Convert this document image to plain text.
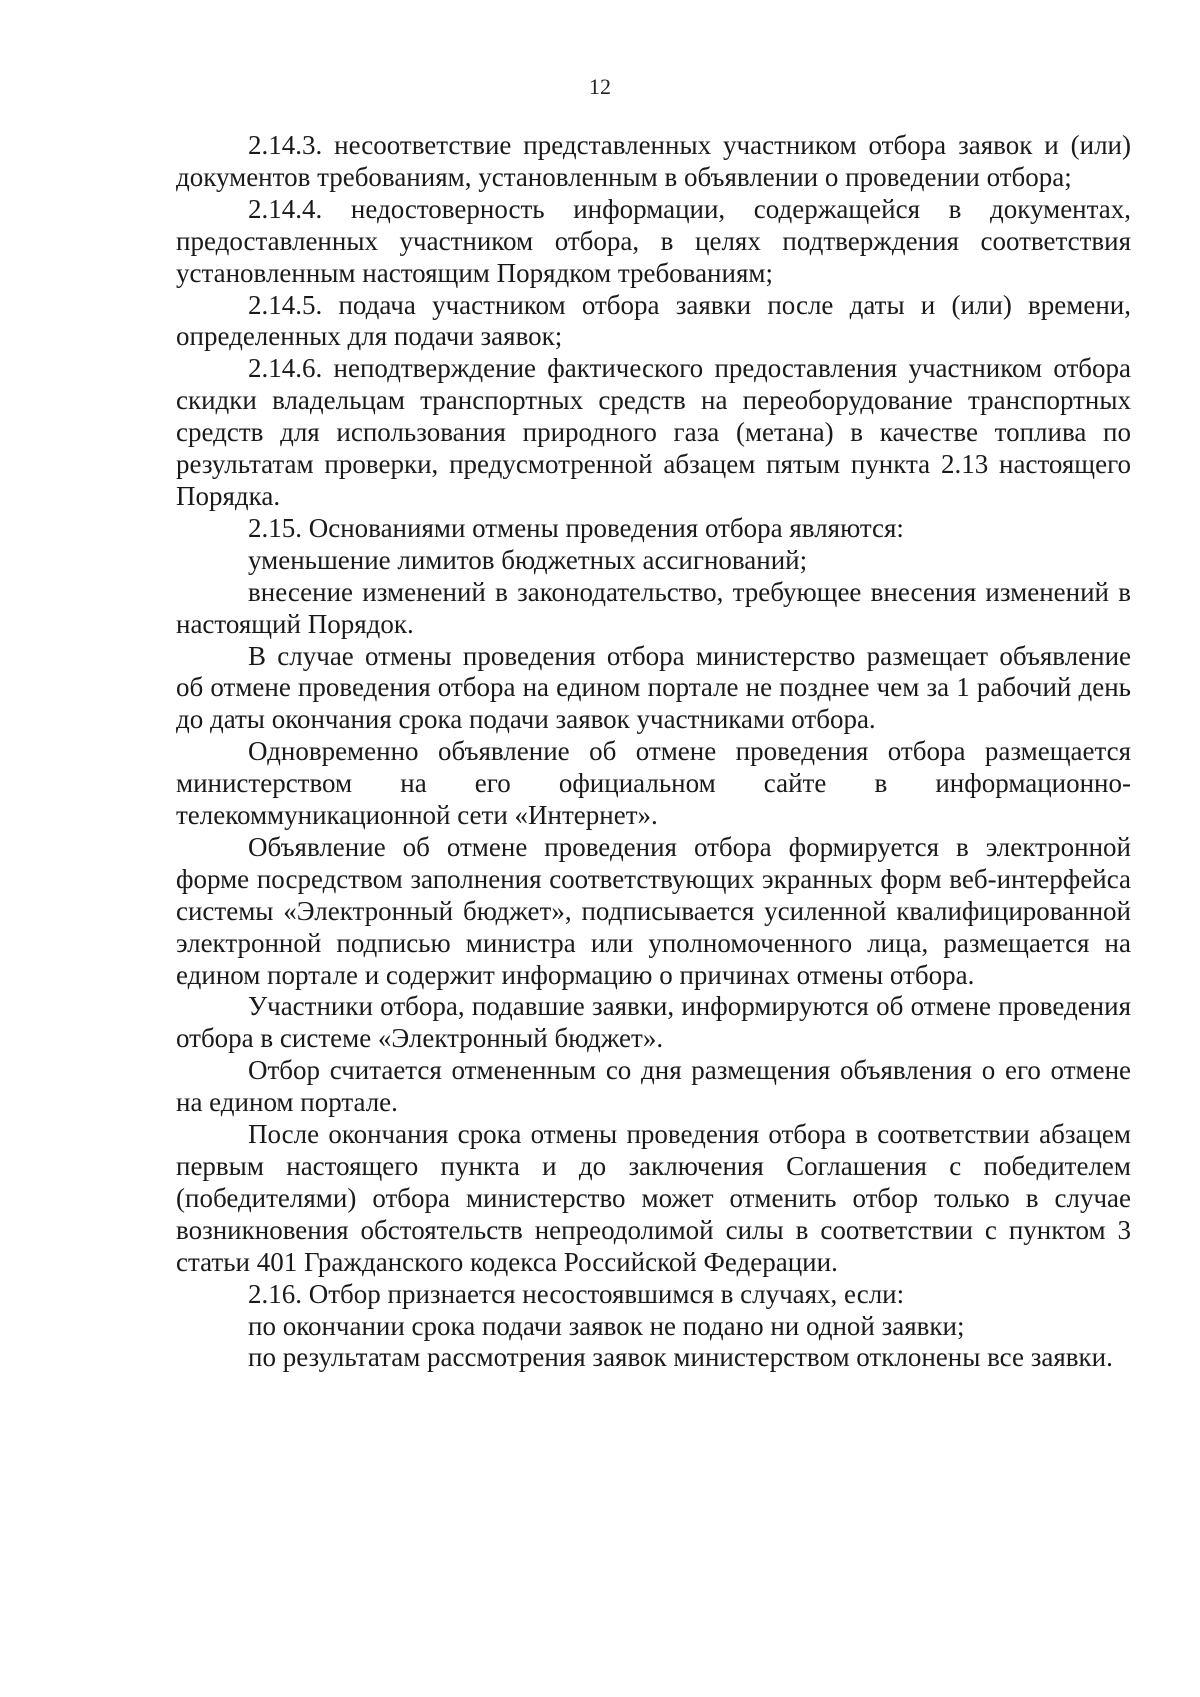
12

2.14.3. несоответствие представленных участником отбора заявок и (или) документов требованиям, установленным в объявлении о проведении отбора;

2.14.4. недостоверность информации, содержащейся в документах, предоставленных участником отбора, в целях подтверждения соответствия установленным настоящим Порядком требованиям;

2.14.5. подача участником отбора заявки после даты и (или) времени, определенных для подачи заявок;

2.14.6. неподтверждение фактического предоставления участником отбора скидки владельцам транспортных средств на переоборудование транспортных средств для использования природного газа (метана) в качестве топлива по результатам проверки, предусмотренной абзацем пятым пункта 2.13 настоящего Порядка.

2.15. Основаниями отмены проведения отбора являются:

уменьшение лимитов бюджетных ассигнований;

внесение изменений в законодательство, требующее внесения изменений в настоящий Порядок.

В случае отмены проведения отбора министерство размещает объявление об отмене проведения отбора на едином портале не позднее чем за 1 рабочий день до даты окончания срока подачи заявок участниками отбора.

Одновременно объявление об отмене проведения отбора размещается министерством на его официальном сайте в информационно-телекоммуникационной сети «Интернет».

Объявление об отмене проведения отбора формируется в электронной форме посредством заполнения соответствующих экранных форм веб-интерфейса системы «Электронный бюджет», подписывается усиленной квалифицированной электронной подписью министра или уполномоченного лица, размещается на едином портале и содержит информацию о причинах отмены отбора.

Участники отбора, подавшие заявки, информируются об отмене проведения отбора в системе «Электронный бюджет».

Отбор считается отмененным со дня размещения объявления о его отмене на едином портале.

После окончания срока отмены проведения отбора в соответствии абзацем первым настоящего пункта и до заключения Соглашения с победителем (победителями) отбора министерство может отменить отбор только в случае возникновения обстоятельств непреодолимой силы в соответствии с пунктом 3 статьи 401 Гражданского кодекса Российской Федерации.

2.16. Отбор признается несостоявшимся в случаях, если:

по окончании срока подачи заявок не подано ни одной заявки;

по результатам рассмотрения заявок министерством отклонены все заявки.
